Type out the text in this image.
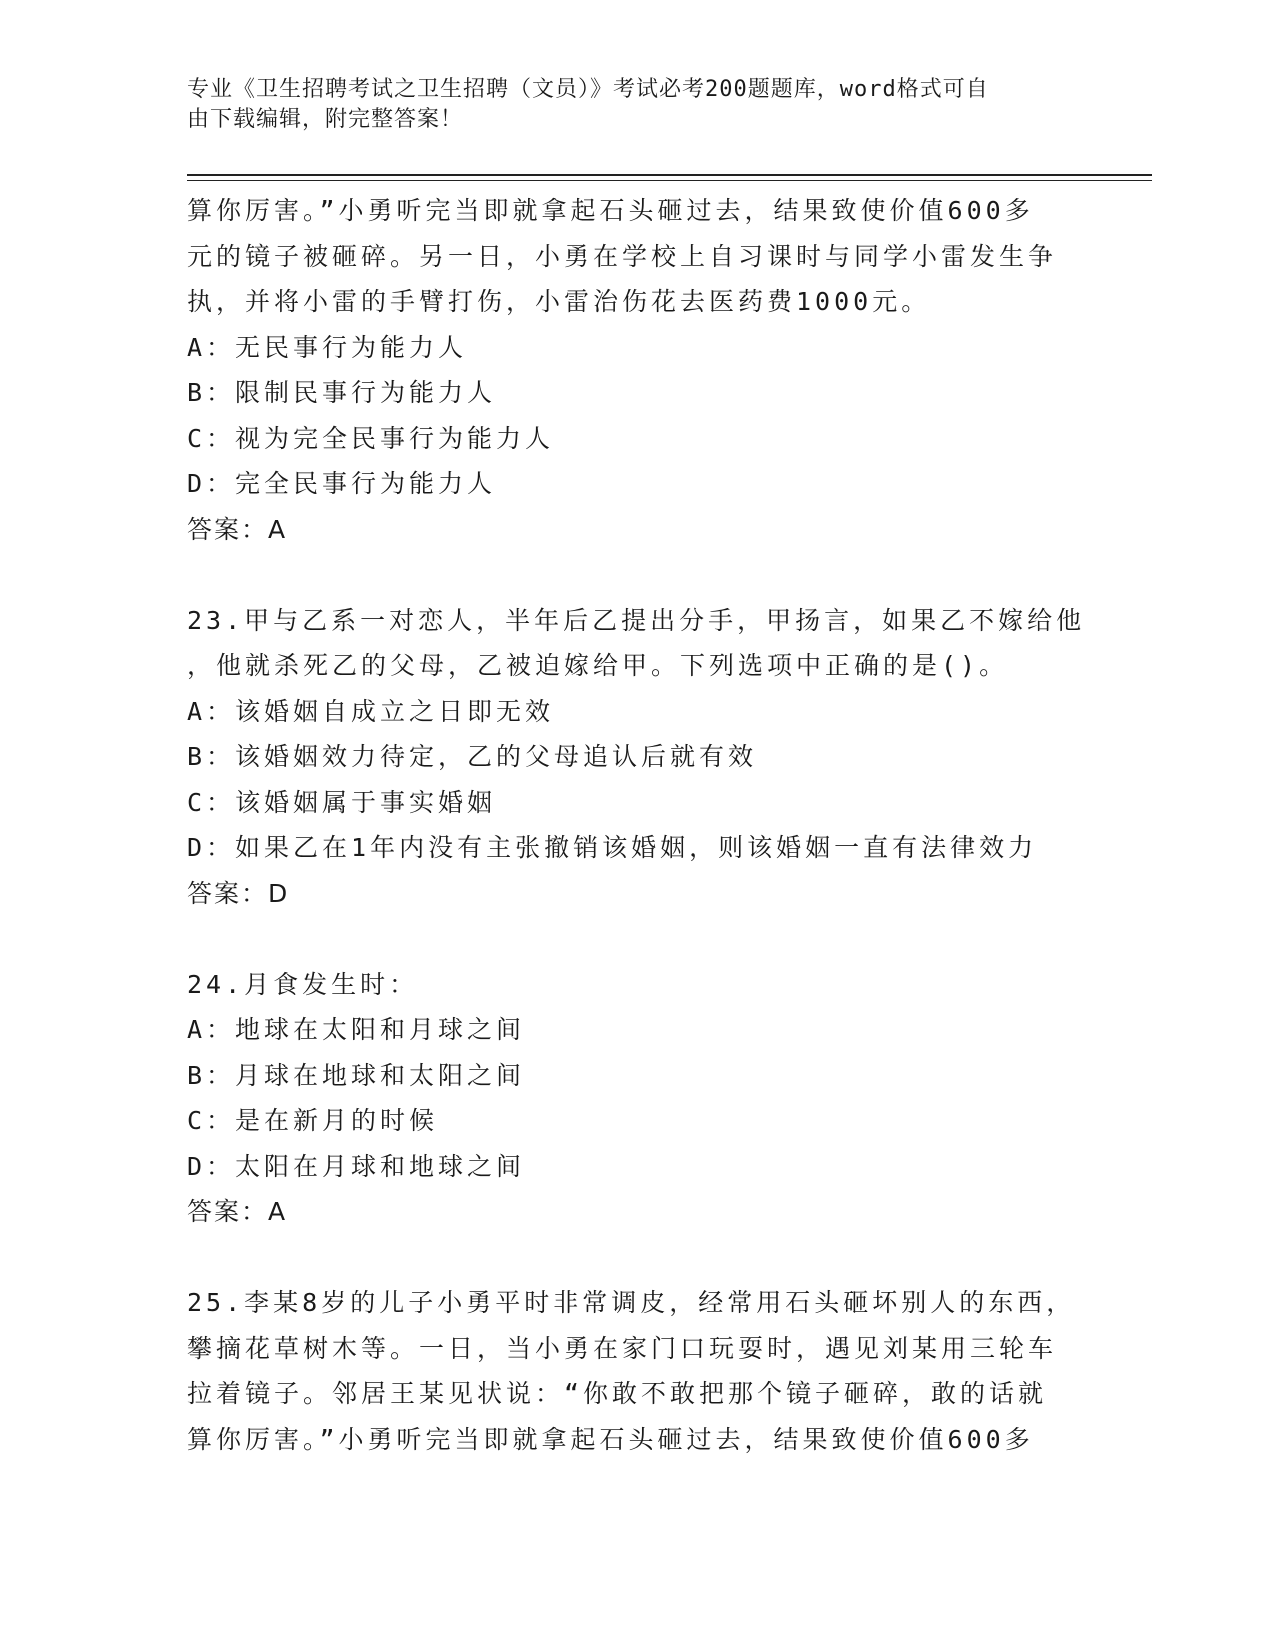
专业《卫生招聘考试之卫生招聘（文员）》考试必考200题题库，word格式可自
由下载编辑，附完整答案！
算你厉害。”小勇听完当即就拿起石头砸过去，结果致使价值600多
元的镜子被砸碎。另一日，小勇在学校上自习课时与同学小雷发生争
执，并将小雷的手臂打伤，小雷治伤花去医药费1000元。
A：无民事行为能力人
B：限制民事行为能力人
C：视为完全民事行为能力人
D：完全民事行为能力人
答案：A
23.甲与乙系一对恋人，半年后乙提出分手，甲扬言，如果乙不嫁给他
，他就杀死乙的父母，乙被迫嫁给甲。下列选项中正确的是()。
A：该婚姻自成立之日即无效
B：该婚姻效力待定，乙的父母追认后就有效
C：该婚姻属于事实婚姻
D：如果乙在1年内没有主张撤销该婚姻，则该婚姻一直有法律效力
答案：D
24.月食发生时：
A：地球在太阳和月球之间
B：月球在地球和太阳之间
C：是在新月的时候
D：太阳在月球和地球之间
答案：A
25.李某8岁的儿子小勇平时非常调皮，经常用石头砸坏别人的东西，
攀摘花草树木等。一日，当小勇在家门口玩耍时，遇见刘某用三轮车
拉着镜子。邻居王某见状说：“你敢不敢把那个镜子砸碎，敢的话就
算你厉害。”小勇听完当即就拿起石头砸过去，结果致使价值600多
